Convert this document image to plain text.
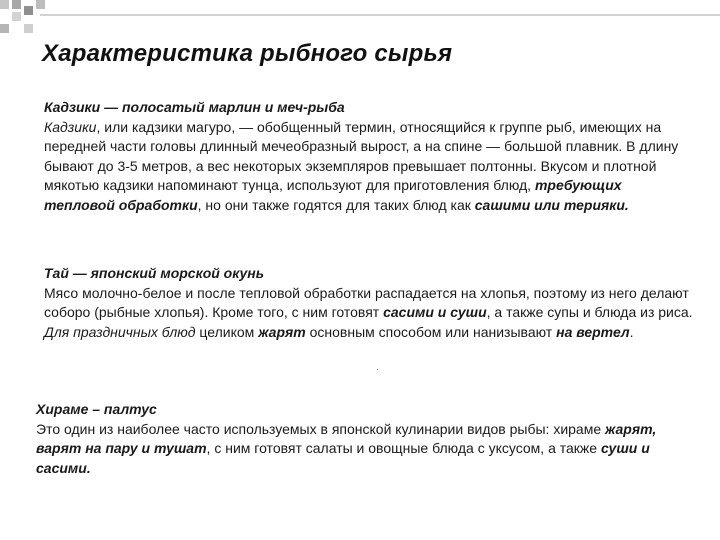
Характеристика рыбного сырья
Кадзики — полосатый марлин и меч-рыба
Кадзики, или кадзики магуро, — обобщенный термин, относящийся к группе рыб, имеющих на передней части головы длинный мечеобразный вырост, а на спине — большой плавник. В длину бывают до 3-5 метров, а вес некоторых экземпляров превышает полтонны. Вкусом и плотной мякотью кадзики напоминают тунца, используют для приготовления блюд, требующих тепловой обработки, но они также годятся для таких блюд как сашими или терияки.
Тай — японский морской окунь
Мясо молочно-белое и после тепловой обработки распадается на хлопья, поэтому из него делают соборо (рыбные хлопья). Кроме того, с ним готовят сасими и суши, а также супы и блюда из риса. Для праздничных блюд целиком жарят основным способом или нанизывают на вертел.
.
Хираме – палтус
Это один из наиболее часто используемых в японской кулинарии видов рыбы: хираме жарят, варят на пару и тушат, с ним готовят салаты и овощные блюда с уксусом, а также суши и сасими.
